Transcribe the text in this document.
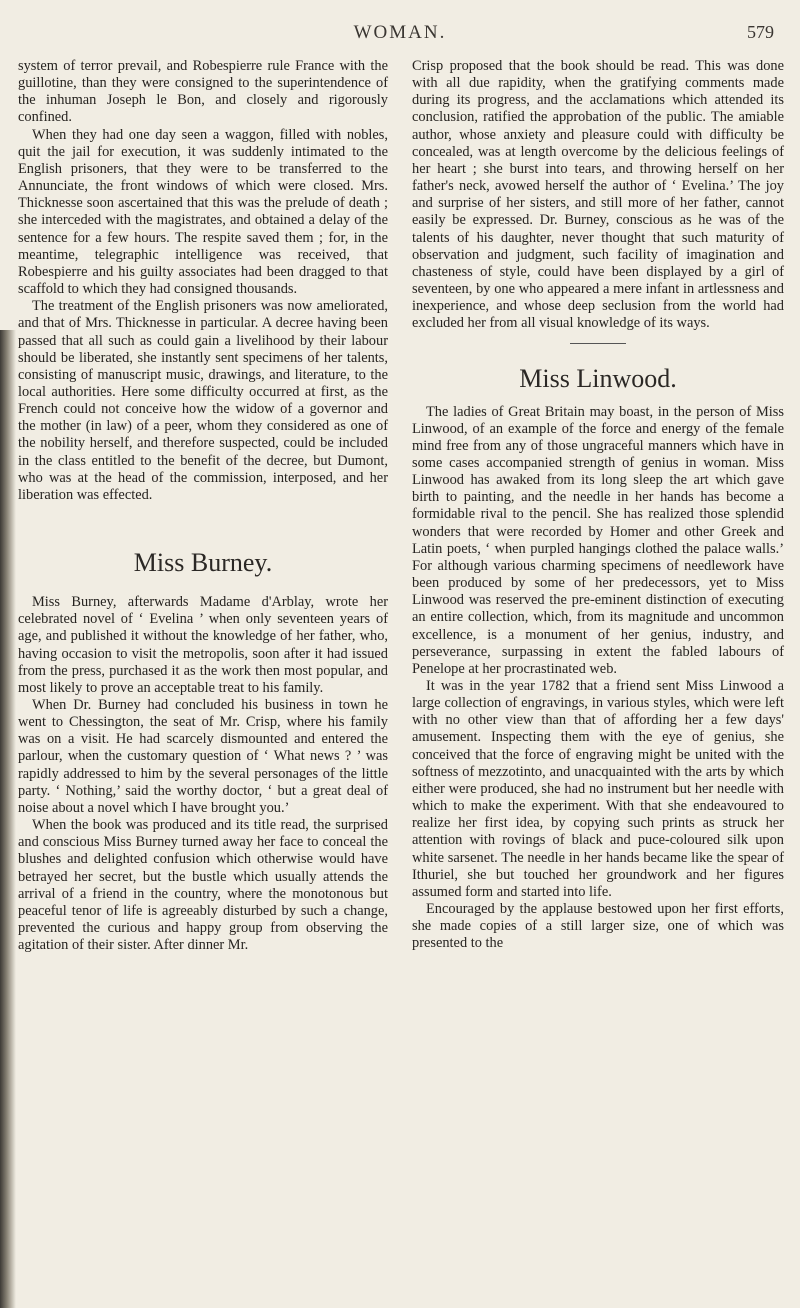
WOMAN.	579

system of terror prevail, and Robespierre rule France with the guillotine, than they were consigned to the superintendence of the inhuman Joseph le Bon, and closely and rigorously confined.

When they had one day seen a waggon, filled with nobles, quit the jail for execution, it was suddenly intimated to the English prisoners, that they were to be transferred to the Annunciate, the front windows of which were closed. Mrs. Thicknesse soon ascertained that this was the prelude of death ; she interceded with the magistrates, and obtained a delay of the sentence for a few hours. The respite saved them ; for, in the meantime, telegraphic intelligence was received, that Robespierre and his guilty associates had been dragged to that scaffold to which they had consigned thousands.

The treatment of the English prisoners was now ameliorated, and that of Mrs. Thicknesse in particular. A decree having been passed that all such as could gain a livelihood by their labour should be liberated, she instantly sent specimens of her talents, consisting of manuscript music, drawings, and literature, to the local authorities. Here some difficulty occurred at first, as the French could not conceive how the widow of a governor and the mother (in law) of a peer, whom they considered as one of the nobility herself, and therefore suspected, could be included in the class entitled to the benefit of the decree, but Dumont, who was at the head of the commission, interposed, and her liberation was effected.

Miss Burney.

Miss Burney, afterwards Madame d'Arblay, wrote her celebrated novel of ‘ Evelina ’ when only seventeen years of age, and published it without the knowledge of her father, who, having occasion to visit the metropolis, soon after it had issued from the press, purchased it as the work then most popular, and most likely to prove an acceptable treat to his family.

When Dr. Burney had concluded his business in town he went to Chessington, the seat of Mr. Crisp, where his family was on a visit. He had scarcely dismounted and entered the parlour, when the customary question of ‘ What news ? ’ was rapidly addressed to him by the several personages of the little party. ‘ Nothing,’ said the worthy doctor, ‘ but a great deal of noise about a novel which I have brought you.’

When the book was produced and its title read, the surprised and conscious Miss Burney turned away her face to conceal the blushes and delighted confusion which otherwise would have betrayed her secret, but the bustle which usually attends the arrival of a friend in the country, where the monotonous but peaceful tenor of life is agreeably disturbed by such a change, prevented the curious and happy group from observing the agitation of their sister. After dinner Mr.

Crisp proposed that the book should be read. This was done with all due rapidity, when the gratifying comments made during its progress, and the acclamations which attended its conclusion, ratified the approbation of the public. The amiable author, whose anxiety and pleasure could with difficulty be concealed, was at length overcome by the delicious feelings of her heart ; she burst into tears, and throwing herself on her father's neck, avowed herself the author of ‘ Evelina.’ The joy and surprise of her sisters, and still more of her father, cannot easily be expressed. Dr. Burney, conscious as he was of the talents of his daughter, never thought that such maturity of observation and judgment, such facility of imagination and chasteness of style, could have been displayed by a girl of seventeen, by one who appeared a mere infant in artlessness and inexperience, and whose deep seclusion from the world had excluded her from all visual knowledge of its ways.

Miss Linwood.

The ladies of Great Britain may boast, in the person of Miss Linwood, of an example of the force and energy of the female mind free from any of those ungraceful manners which have in some cases accompanied strength of genius in woman. Miss Linwood has awaked from its long sleep the art which gave birth to painting, and the needle in her hands has become a formidable rival to the pencil. She has realized those splendid wonders that were recorded by Homer and other Greek and Latin poets, ‘ when purpled hangings clothed the palace walls.’ For although various charming specimens of needlework have been produced by some of her predecessors, yet to Miss Linwood was reserved the pre-eminent distinction of executing an entire collection, which, from its magnitude and uncommon excellence, is a monument of her genius, industry, and perseverance, surpassing in extent the fabled labours of Penelope at her procrastinated web.

It was in the year 1782 that a friend sent Miss Linwood a large collection of engravings, in various styles, which were left with no other view than that of affording her a few days' amusement. Inspecting them with the eye of genius, she conceived that the force of engraving might be united with the softness of mezzotinto, and unacquainted with the arts by which either were produced, she had no instrument but her needle with which to make the experiment. With that she endeavoured to realize her first idea, by copying such prints as struck her attention with rovings of black and puce-coloured silk upon white sarsenet. The needle in her hands became like the spear of Ithuriel, she but touched her groundwork and her figures assumed form and started into life.

Encouraged by the applause bestowed upon her first efforts, she made copies of a still larger size, one of which was presented to the
